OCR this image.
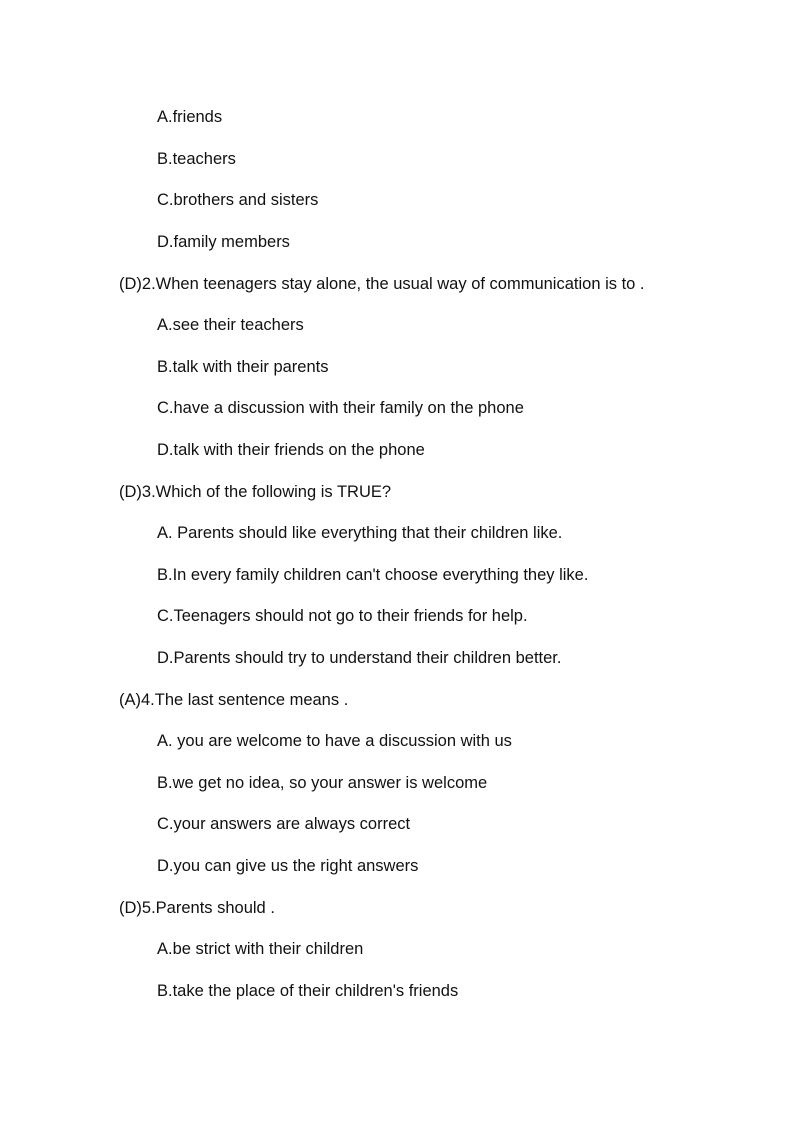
A.friends
B.teachers
C.brothers and sisters
D.family members
(D)2.When teenagers stay alone, the usual way of communication is to .
A.see their teachers
B.talk with their parents
C.have a discussion with their family on the phone
D.talk with their friends on the phone
(D)3.Which of the following is TRUE?
A. Parents should like everything that their children like.
B.In every family children can't choose everything they like.
C.Teenagers should not go to their friends for help.
D.Parents should try to understand their children better.
(A)4.The last sentence means .
A. you are welcome to have a discussion with us
B.we get no idea, so your answer is welcome
C.your answers are always correct
D.you can give us the right answers
(D)5.Parents should .
A.be strict with their children
B.take the place of their children's friends
